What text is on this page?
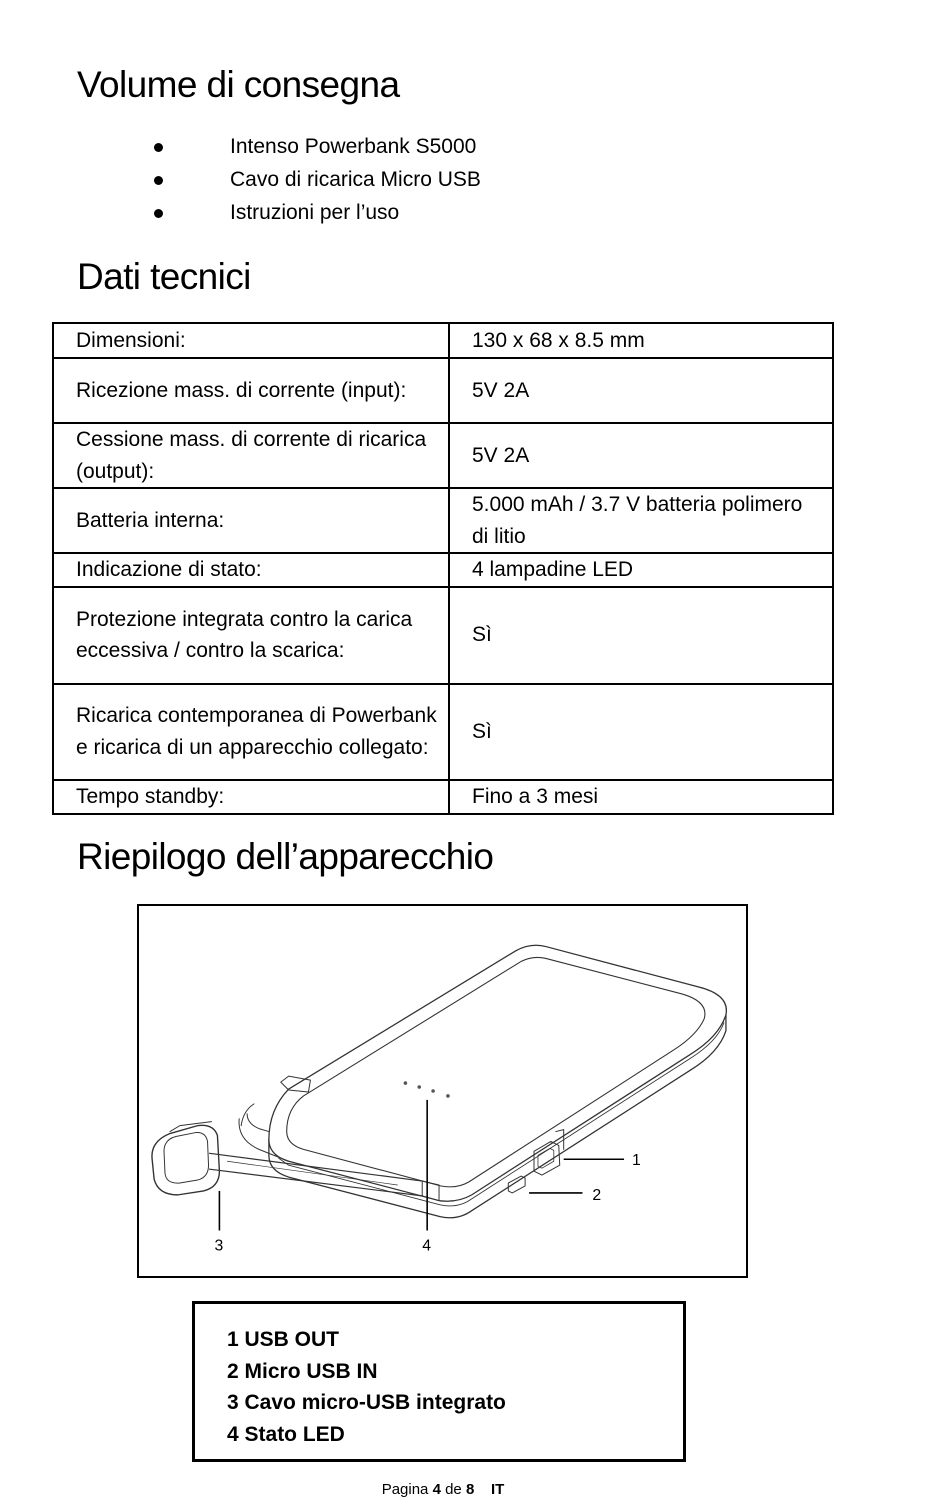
Volume di consegna
Intenso Powerbank S5000
Cavo di ricarica Micro USB
Istruzioni per l’uso
Dati tecnici
Dimensioni:	130 x 68 x 8.5 mm
Ricezione mass. di corrente (input):	5V 2A
Cessione mass. di corrente di ricarica (output):	5V 2A
Batteria interna:	5.000 mAh / 3.7 V batteria polimero di litio
Indicazione di stato:	4 lampadine LED
Protezione integrata contro la carica eccessiva / contro la scarica:	Sì
Ricarica contemporanea di Powerbank e ricarica di un apparecchio collegato:	Sì
Tempo standby:	Fino a 3 mesi
Riepilogo dell’apparecchio
1
2
3	4
1 USB OUT
2 Micro USB IN
3 Cavo micro-USB integrato
4 Stato LED
Pagina 4 de 8 IT
